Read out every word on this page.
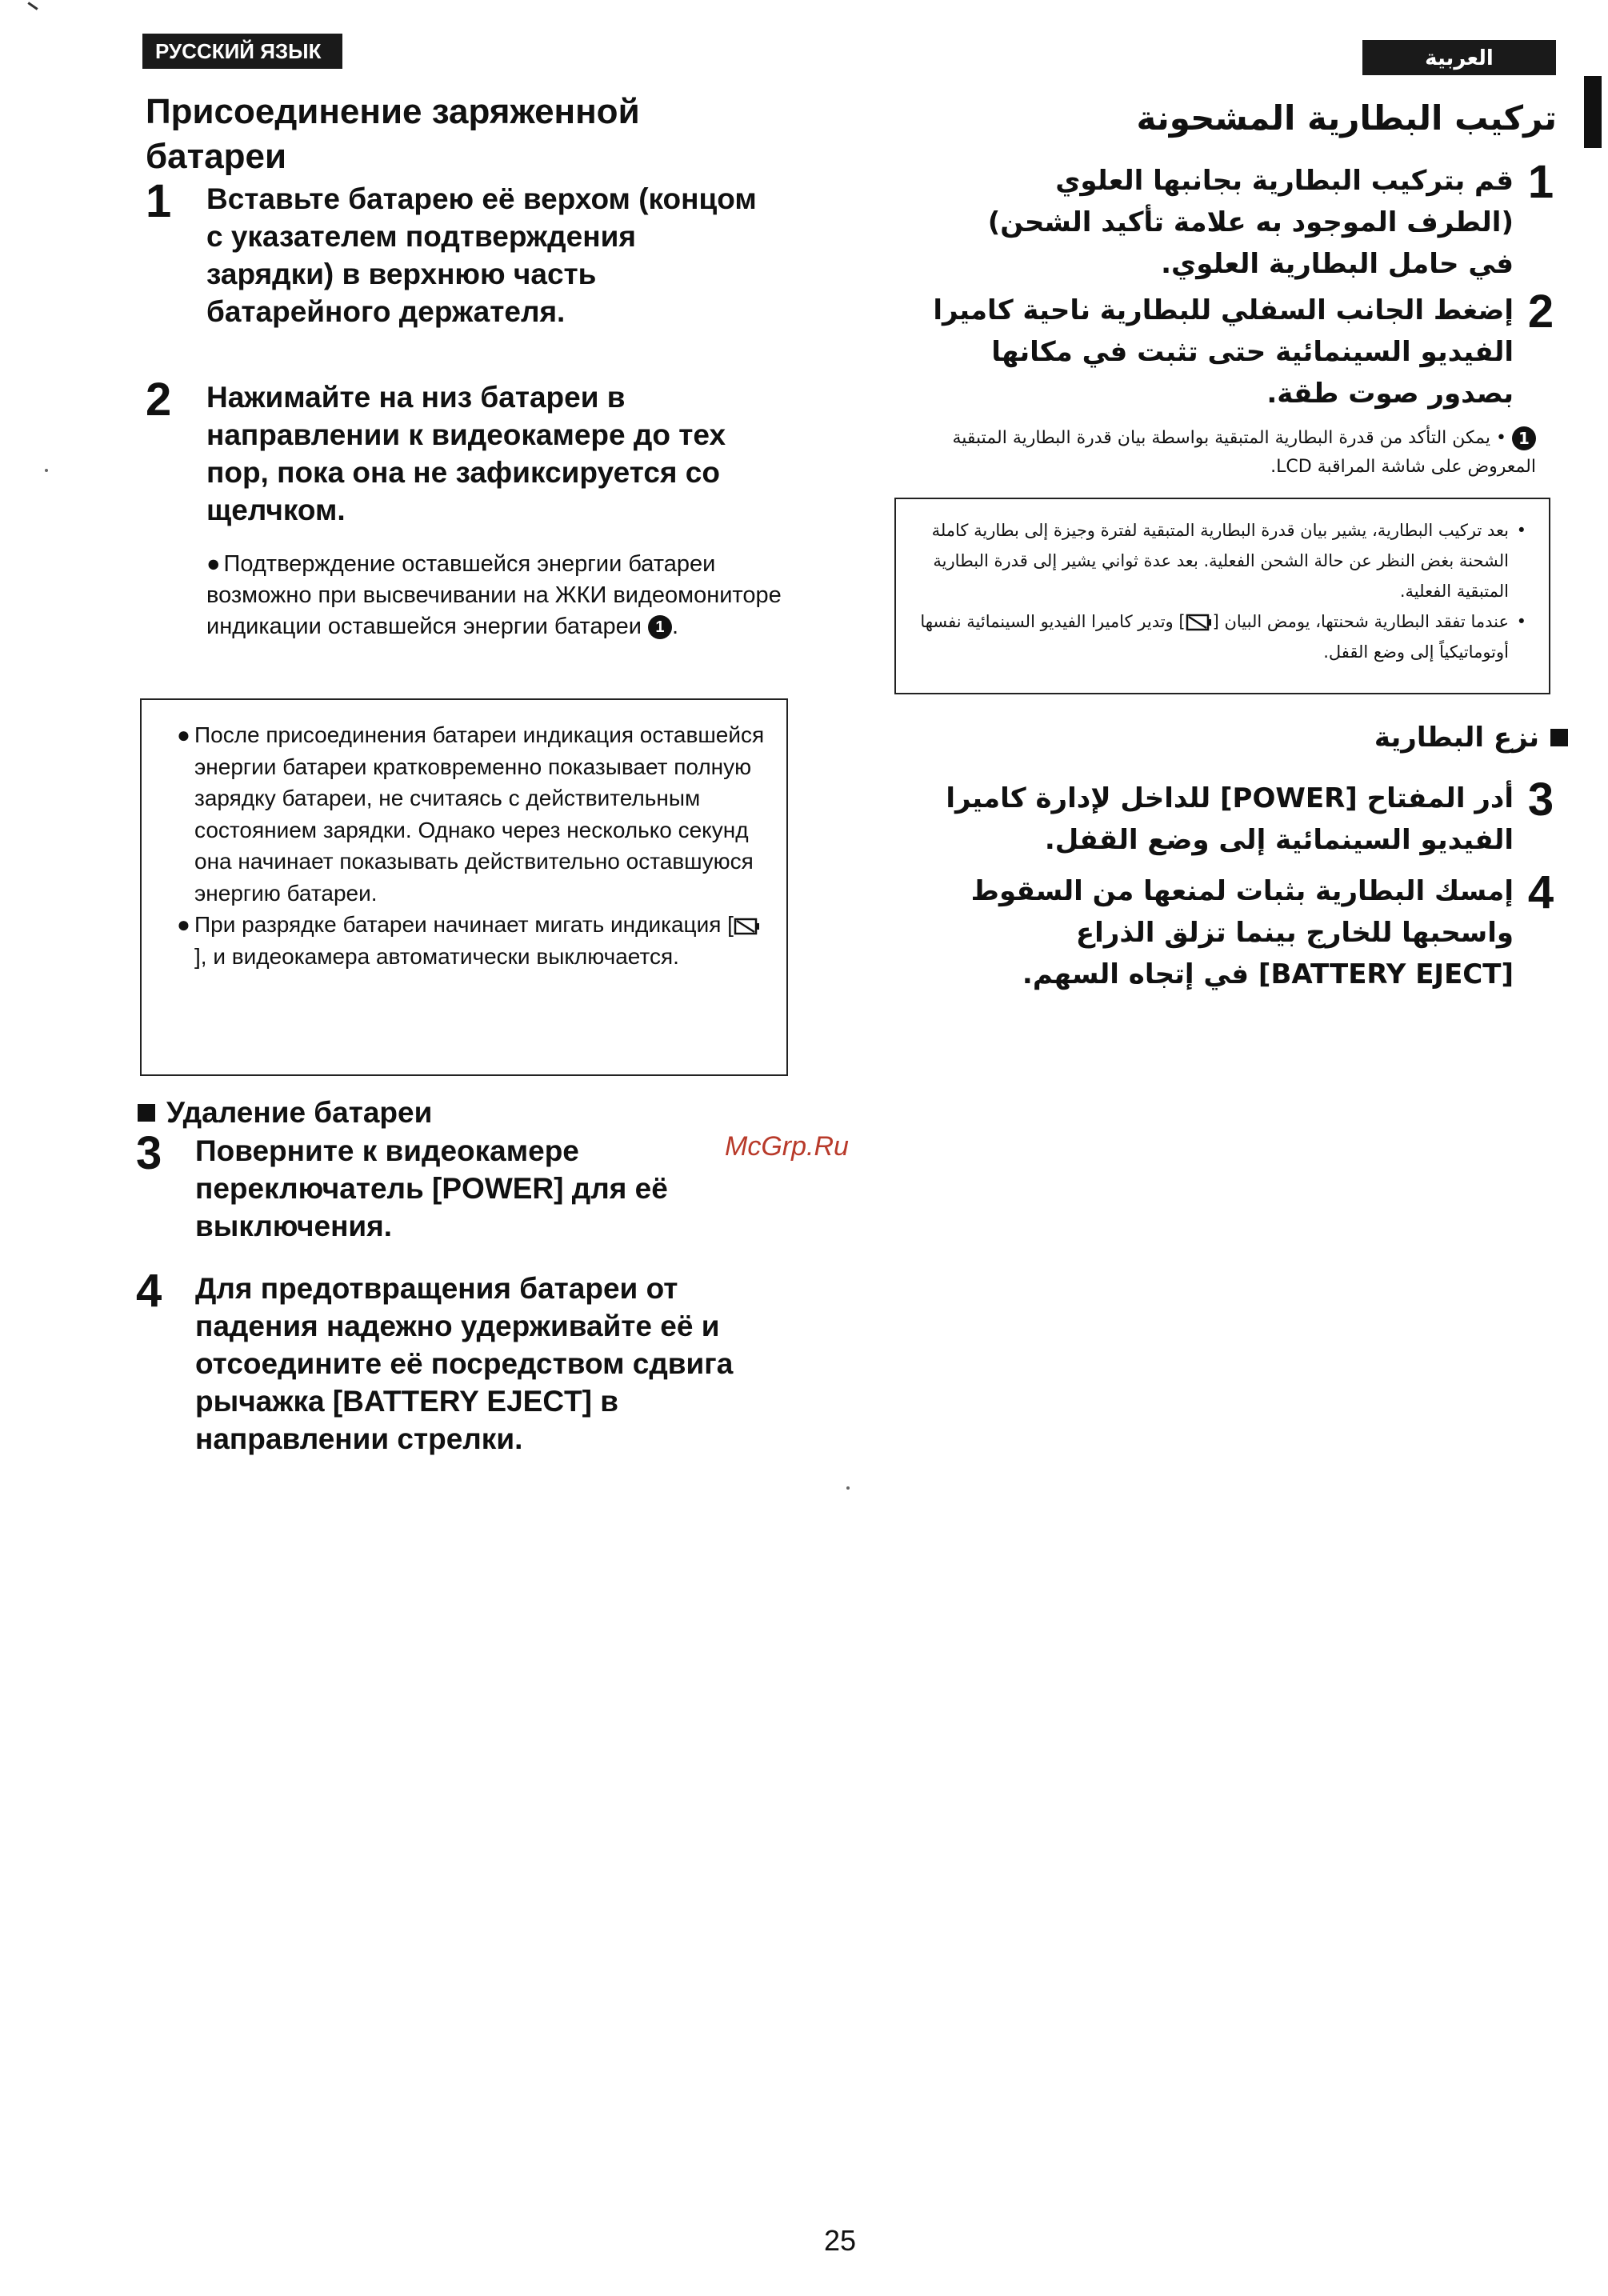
РУССКИЙ ЯЗЫК	العربية
Присоединение заряженной батареи
1	Вставьте батарею её верхом (концом с указателем подтверждения зарядки) в верхнюю часть батарейного держателя.
2	Нажимайте на низ батареи в направлении к видеокамере до тех пор, пока она не зафиксируется со щелчком.
● Подтверждение оставшейся энергии батареи возможно при высвечивании на ЖКИ видеомониторе индикации оставшейся энергии батареи 1 .
● После присоединения батареи индикация оставшейся энергии батареи кратковременно показывает полную зарядку батареи, не считаясь с действительным состоянием зарядки. Однако через несколько секунд она начинает показывать действительно оставшуюся энергию батареи.
● При разрядке батареи начинает мигать индикация [], и видеокамера автоматически выключается.
Удаление батареи
3	Поверните к видеокамере переключатель [POWER] для её выключения.
4	Для предотвращения батареи от падения надежно удерживайте её и отсоедините её посредством сдвига рычажка [BATTERY EJECT] в направлении стрелки.
McGrp.Ru
تركيب البطارية المشحونة
1
قم بتركيب البطارية بجانبها العلوي (الطرف الموجود به علامة تأكيد الشحن) في حامل البطارية العلوي.
2
إضغط الجانب السفلي للبطارية ناحية كاميرا الفيديو السينمائية حتى تثبت في مكانها بصدور صوت طقة.
1 • يمكن التأكد من قدرة البطارية المتبقية بواسطة بيان قدرة البطارية المتبقية المعروض على شاشة المراقبة LCD.
•
بعد تركيب البطارية، يشير بيان قدرة البطارية المتبقية لفترة وجيزة إلى بطارية كاملة الشحنة بغض النظر عن حالة الشحن الفعلية. بعد عدة ثواني يشير إلى قدرة البطارية المتبقية الفعلية.
•
عندما تفقد البطارية شحنتها، يومض البيان [] وتدير كاميرا الفيديو السينمائية نفسها أوتوماتيكياً إلى وضع القفل.
نزع البطارية
3
أدر المفتاح [POWER] للداخل لإدارة كاميرا الفيديو السينمائية إلى وضع القفل.
4
إمسك البطارية بثبات لمنعها من السقوط واسحبها للخارج بينما تزلق الذراع [BATTERY EJECT] في إتجاه السهم.
25
